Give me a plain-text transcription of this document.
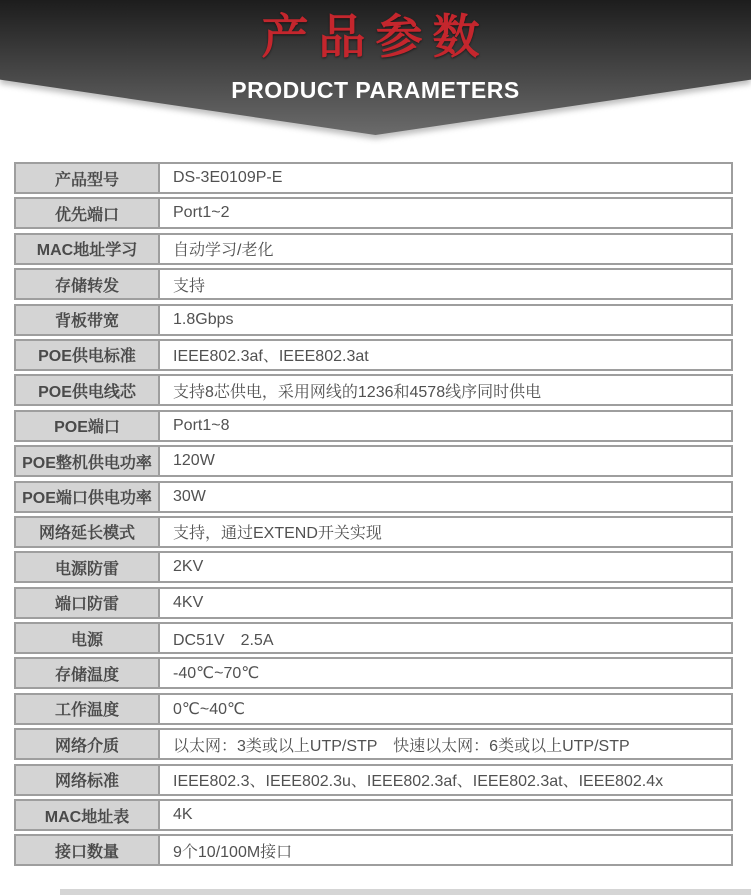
产品参数
PRODUCT PARAMETERS
产品型号	DS-3E0109P-E
优先端口	Port1~2
MAC地址学习	自动学习/老化
存储转发	支持
背板带宽	1.8Gbps
POE供电标准	IEEE802.3af、IEEE802.3at
POE供电线芯	支持8芯供电，采用网线的1236和4578线序同时供电
POE端口	Port1~8
POE整机供电功率	120W
POE端口供电功率	30W
网络延长模式	支持，通过EXTEND开关实现
电源防雷	2KV
端口防雷	4KV
电源	DC51V　2.5A
存储温度	-40℃~70℃
工作温度	0℃~40℃
网络介质	以太网：3类或以上UTP/STP　快速以太网：6类或以上UTP/STP
网络标准	IEEE802.3、IEEE802.3u、IEEE802.3af、IEEE802.3at、IEEE802.4x
MAC地址表	4K
接口数量	9个10/100M接口
